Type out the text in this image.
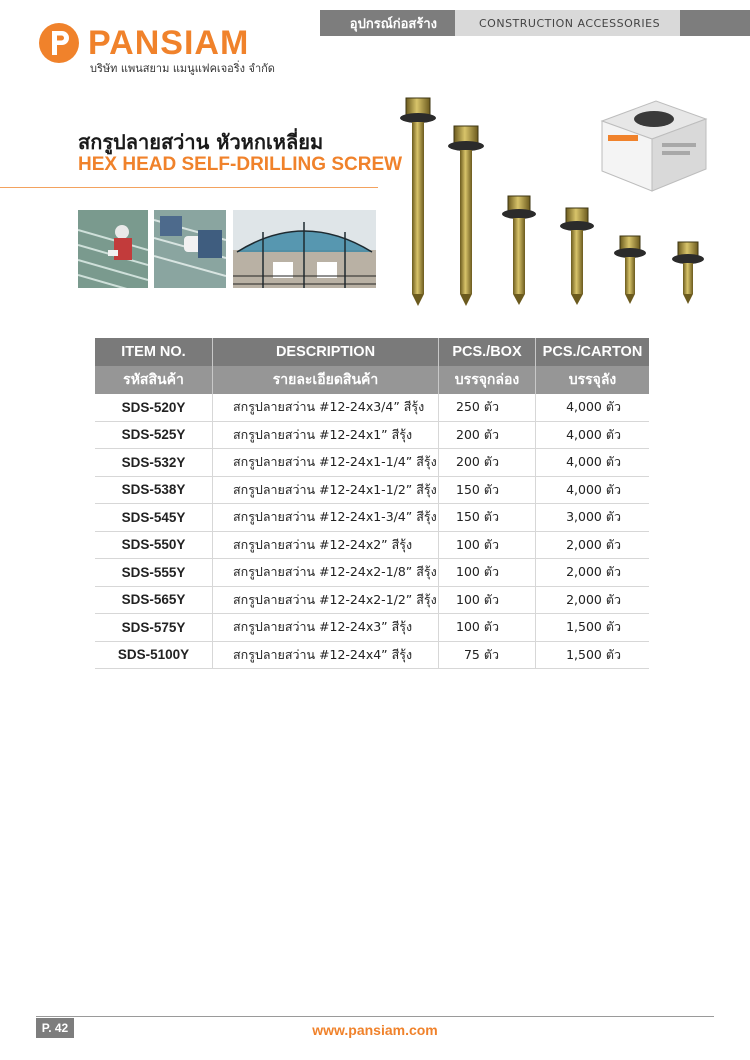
อุปกรณ์ก่อสร้าง	CONSTRUCTION ACCESSORIES
PANSIAM
บริษัท แพนสยาม แมนูแฟคเจอริ่ง จำกัด
สกรูปลายสว่าน หัวหกเหลี่ยม
HEX HEAD SELF-DRILLING SCREW
ITEM NO.	DESCRIPTION	PCS./BOX	PCS./CARTON
รหัสสินค้า	รายละเอียดสินค้า	บรรจุกล่อง	บรรจุลัง
SDS-520Y	สกรูปลายสว่าน #12-24x3/4” สีรุ้ง	250 ตัว	4,000 ตัว
SDS-525Y	สกรูปลายสว่าน #12-24x1” สีรุ้ง	200 ตัว	4,000 ตัว
SDS-532Y	สกรูปลายสว่าน #12-24x1-1/4” สีรุ้ง	200 ตัว	4,000 ตัว
SDS-538Y	สกรูปลายสว่าน #12-24x1-1/2” สีรุ้ง	150 ตัว	4,000 ตัว
SDS-545Y	สกรูปลายสว่าน #12-24x1-3/4” สีรุ้ง	150 ตัว	3,000 ตัว
SDS-550Y	สกรูปลายสว่าน #12-24x2” สีรุ้ง	100 ตัว	2,000 ตัว
SDS-555Y	สกรูปลายสว่าน #12-24x2-1/8” สีรุ้ง	100 ตัว	2,000 ตัว
SDS-565Y	สกรูปลายสว่าน #12-24x2-1/2” สีรุ้ง	100 ตัว	2,000 ตัว
SDS-575Y	สกรูปลายสว่าน #12-24x3” สีรุ้ง	100 ตัว	1,500 ตัว
SDS-5100Y	สกรูปลายสว่าน #12-24x4” สีรุ้ง	75 ตัว	1,500 ตัว
P. 42	www.pansiam.com
